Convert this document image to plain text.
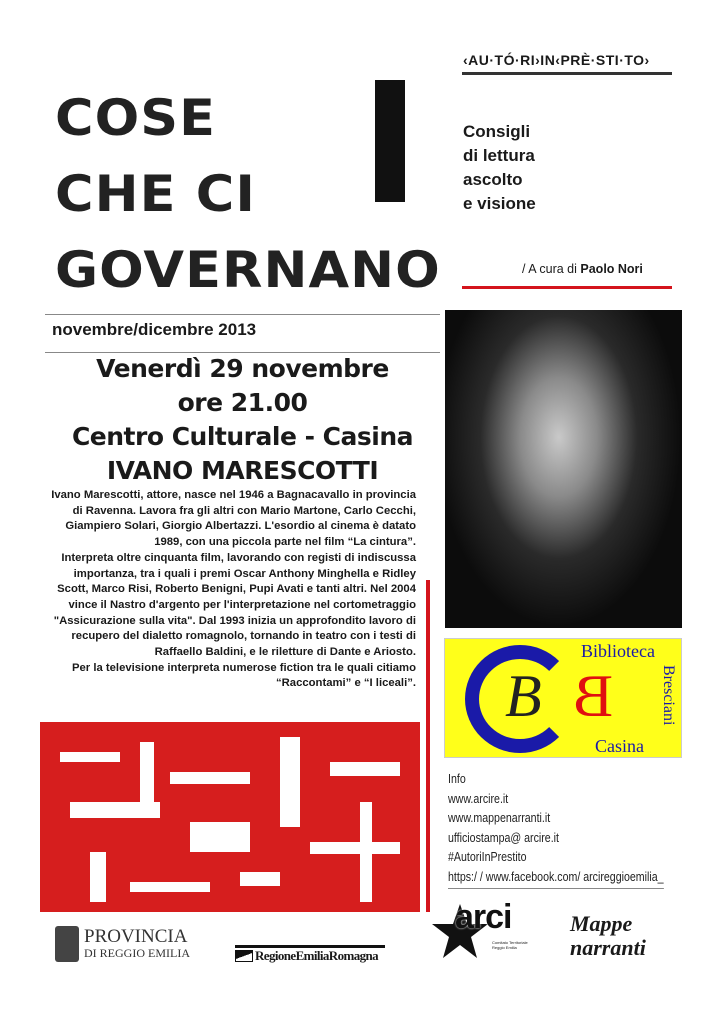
COSE
CHE CI
GOVERNANO
‹AU·TÓ·RI›IN‹PRÈ·STI·TO›
Consigli
di lettura
ascolto
e visione
/ A cura di Paolo Nori
novembre/dicembre 2013
Venerdì 29 novembre
ore 21.00
Centro Culturale - Casina
IVANO MARESCOTTI

Ivano Marescotti, attore, nasce nel 1946 a Bagnacavallo in provincia di Ravenna. Lavora fra gli altri con Mario Martone, Carlo Cecchi, Giampiero Solari, Giorgio Albertazzi. L'esordio al cinema è datato 1989, con una piccola parte nel film “La cintura”.

Interpreta oltre cinquanta film, lavorando con registi di indiscussa importanza, tra i quali i premi Oscar Anthony Minghella e Ridley Scott, Marco Risi, Roberto Benigni, Pupi Avati e tanti altri. Nel 2004 vince il Nastro d'argento per l'interpretazione nel cortometraggio "Assicurazione sulla vita". Dal 1993 inizia un approfondito lavoro di recupero del dialetto romagnolo, tornando in teatro con i testi di Raffaello Baldini, e le riletture di Dante e Ariosto.

Per la televisione interpreta numerose fiction tra le quali citiamo “Raccontami” e “I liceali”. B B
Biblioteca
Bresciani
Casina
Info
www.arcire.it
www.mappenarranti.it
ufficiostampa@ arcire.it
#AutoriInPrestito
https:/ / www.facebook.com/ arcireggioemilia_
PROVINCIA
DI REGGIO EMILIA	RegioneEmiliaRomagna
arci
Comitato Territoriale
Reggio Emilia
Mappe
narranti
